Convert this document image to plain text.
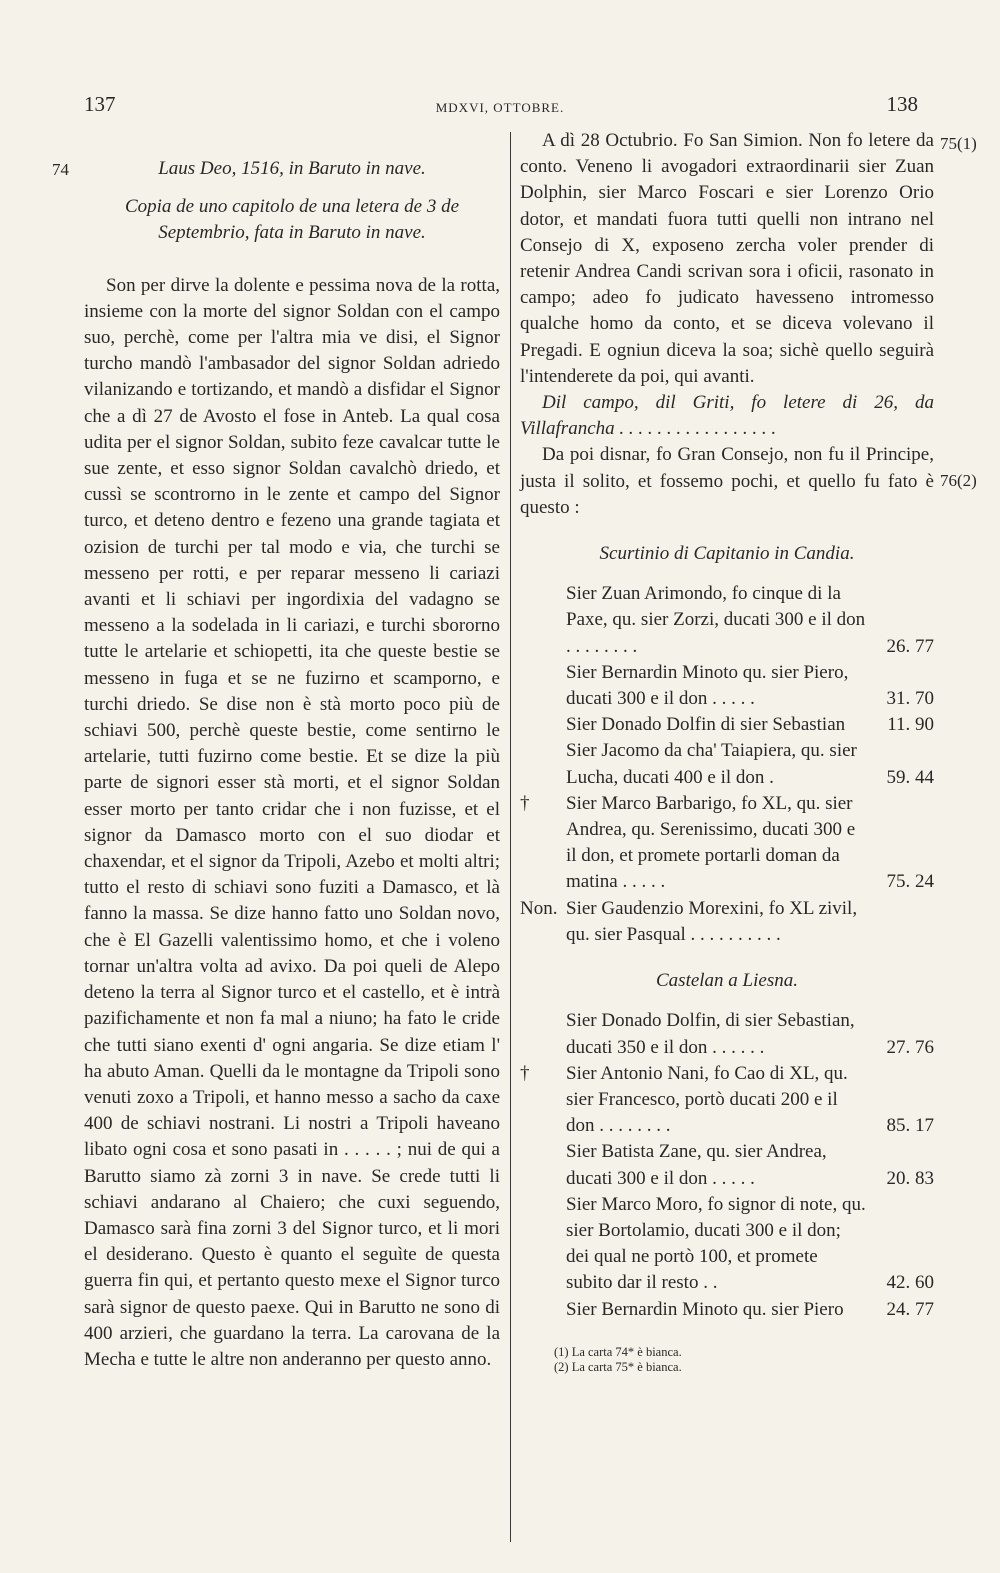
137	MDXVI, OTTOBRE.	138
74	Laus Deo, 1516, in Baruto in nave.

Copia de uno capitolo de una letera de 3 de Septembrio, fata in Baruto in nave.

Son per dirve la dolente e pessima nova de la rotta, insieme con la morte del signor Soldan con el campo suo, perchè, come per l'altra mia ve disi, el Signor turcho mandò l'ambasador del signor Soldan adriedo vilanizando e tortizando, et mandò a disfidar el Signor che a dì 27 de Avosto el fose in Anteb. La qual cosa udita per el signor Soldan, subito feze cavalcar tutte le sue zente, et esso signor Soldan cavalchò driedo, et cussì se scontrorno in le zente et campo del Signor turco, et deteno dentro e fezeno una grande tagiata et ozision de turchi per tal modo e via, che turchi se messeno per rotti, e per reparar messeno li cariazi avanti et li schiavi per ingordixia del vadagno se messeno a la sodelada in li cariazi, e turchi sbororno tutte le artelarie et schiopetti, ita che queste bestie se messeno in fuga et se ne fuzirno et scamporno, e turchi driedo. Se dise non è stà morto poco più de schiavi 500, perchè queste bestie, come sentirno le artelarie, tutti fuzirno come bestie. Et se dize la più parte de signori esser stà morti, et el signor Soldan esser morto per tanto cridar che i non fuzisse, et el signor da Damasco morto con el suo diodar et chaxendar, et el signor da Tripoli, Azebo et molti altri; tutto el resto di schiavi sono fuziti a Damasco, et là fanno la massa. Se dize hanno fatto uno Soldan novo, che è El Gazelli valentissimo homo, et che i voleno tornar un'altra volta ad avixo. Da poi queli de Alepo deteno la terra al Signor turco et el castello, et è intrà pazifichamente et non fa mal a niuno; ha fato le cride che tutti siano exenti d' ogni angaria. Se dize etiam l' ha abuto Aman. Quelli da le montagne da Tripoli sono venuti zoxo a Tripoli, et hanno messo a sacho da caxe 400 de schiavi nostrani. Li nostri a Tripoli haveano libato ogni cosa et sono pasati in . . . . . ; nui de qui a Barutto siamo zà zorni 3 in nave. Se crede tutti li schiavi andarano al Chaiero; che cuxi seguendo, Damasco sarà fina zorni 3 del Signor turco, et li mori el desiderano. Questo è quanto el seguìte de questa guerra fin qui, et pertanto questo mexe el Signor turco sarà signor de questo paexe. Qui in Barutto ne sono di 400 arzieri, che guardano la terra. La carovana de la Mecha e tutte le altre non anderanno per questo anno.

75(1)
76(2)

A dì 28 Octubrio. Fo San Simion. Non fo letere da conto. Veneno li avogadori extraordinarii sier Zuan Dolphin, sier Marco Foscari e sier Lorenzo Orio dotor, et mandati fuora tutti quelli non intrano nel Consejo di X, exposeno zercha voler prender di retenir Andrea Candi scrivan sora i oficii, rasonato in campo; adeo fo judicato havesseno intromesso qualche homo da conto, et se diceva volevano il Pregadi. E ogniun diceva la soa; sichè quello seguirà l'intenderete da poi, qui avanti.

Dil campo, dil Griti, fo letere di 26, da Villafrancha . . . . . . . . . . . . . . . . .

Da poi disnar, fo Gran Consejo, non fu il Principe, justa il solito, et fossemo pochi, et quello fu fato è questo :

Scurtinio di Capitanio in Candia.

Sier Zuan Arimondo, fo cinque di la Paxe, qu. sier Zorzi, ducati 300 e il don . . . . . . . .	26. 77
Sier Bernardin Minoto qu. sier Piero, ducati 300 e il don . . . . .	31. 70
Sier Donado Dolfin di sier Sebastian	11. 90
Sier Jacomo da cha' Taiapiera, qu. sier Lucha, ducati 400 e il don .	59. 44
†	Sier Marco Barbarigo, fo XL, qu. sier Andrea, qu. Serenissimo, ducati 300 e il don, et promete portarli doman da matina . . . . .	75. 24
Non. Sier Gaudenzio Morexini, fo XL zivil, qu. sier Pasqual . . . . . . . . . .

Castelan a Liesna.

Sier Donado Dolfin, di sier Sebastian, ducati 350 e il don . . . . . .	27. 76
†	Sier Antonio Nani, fo Cao di XL, qu. sier Francesco, portò ducati 200 e il don . . . . . . . .	85. 17
Sier Batista Zane, qu. sier Andrea, ducati 300 e il don . . . . .	20. 83
Sier Marco Moro, fo signor di note, qu. sier Bortolamio, ducati 300 e il don; dei qual ne portò 100, et promete subito dar il resto . .	42. 60
Sier Bernardin Minoto qu. sier Piero	24. 77
(1) La carta 74* è bianca.
(2) La carta 75* è bianca.
